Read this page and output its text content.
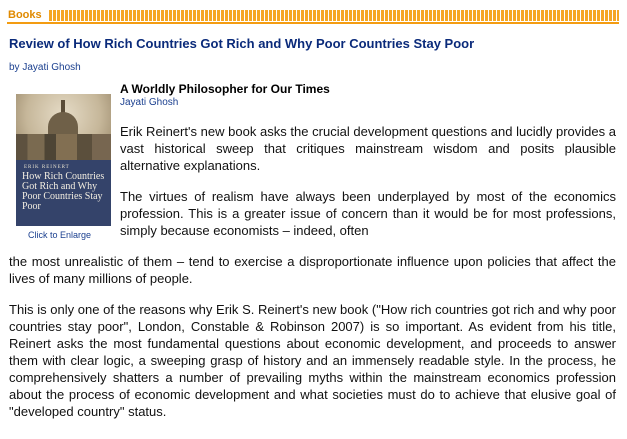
Books
Review of How Rich Countries Got Rich and Why Poor Countries Stay Poor
by Jayati Ghosh
ERIK REINERT
How Rich Countries Got Rich and Why Poor Countries Stay Poor
Click to Enlarge
A Worldly Philosopher for Our Times
Jayati Ghosh

Erik Reinert's new book asks the crucial development questions and lucidly provides a vast historical sweep that critiques mainstream wisdom and posits plausible alternative explanations.

The virtues of realism have always been underplayed by most of the economics profession. This is a greater issue of concern than it would be for most professions, simply because economists – indeed, often

the most unrealistic of them – tend to exercise a disproportionate influence upon policies that affect the lives of many millions of people.

This is only one of the reasons why Erik S. Reinert's new book ("How rich countries got rich and why poor countries stay poor", London, Constable & Robinson 2007) is so important. As evident from his title, Reinert asks the most fundamental questions about economic development, and proceeds to answer them with clear logic, a sweeping grasp of history and an immensely readable style. In the process, he comprehensively shatters a number of prevailing myths within the mainstream economics profession about the process of economic development and what societies must do to achieve that elusive goal of "developed country" status.
